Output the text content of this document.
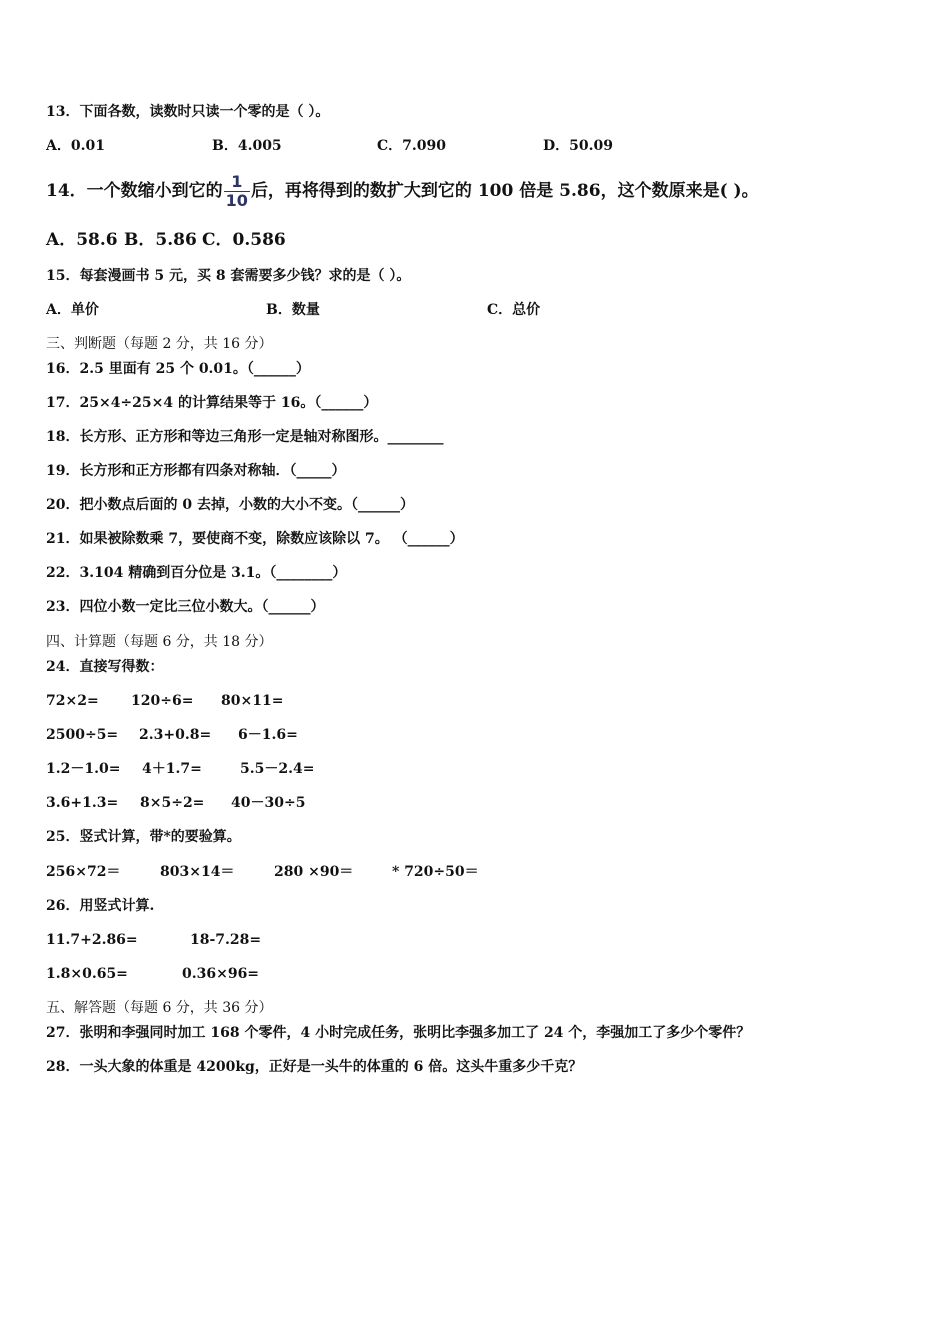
13．下面各数，读数时只读一个零的是（ ）。
A．0.01	B．4.005	C．7.090	D．50.09
14．一个数缩小到它的 $\frac{1}{10}$ 后，再将得到的数扩大到它的 100 倍是 5.86，这个数原来是( )。
A．58.6 B．5.86 C．0.586
15．每套漫画书 5 元，买 8 套需要多少钱？求的是（ ）。
A．单价	B．数量	C．总价
三、判断题（每题 2 分，共 16 分）
16．2.5 里面有 25 个 0.01。（______）
17．25×4÷25×4 的计算结果等于 16。（______）
18．长方形、正方形和等边三角形一定是轴对称图形。________
19．长方形和正方形都有四条对称轴．（_____）
20．把小数点后面的 0 去掉，小数的大小不变。（______）
21．如果被除数乘 7，要使商不变，除数应该除以 7。 （______）
22．3.104 精确到百分位是 3.1。（________）
23．四位小数一定比三位小数大。（______）
四、计算题（每题 6 分，共 18 分）
24．直接写得数：
72×2= 120÷6= 80×11=
2500÷5= 2.3+0.8= 6－1.6=
1.2－1.0= 4＋1.7=	5.5－2.4=
3.6+1.3= 8×5÷2= 40－30÷5
25．竖式计算，带*的要验算。
256×72＝	803×14＝	280 ×90＝	* 720÷50＝
26．用竖式计算.
11.7+2.86=	18-7.28=
1.8×0.65=	0.36×96=
五、解答题（每题 6 分，共 36 分）
27．张明和李强同时加工 168 个零件，4 小时完成任务，张明比李强多加工了 24 个，李强加工了多少个零件？
28．一头大象的体重是 4200kg，正好是一头牛的体重的 6 倍。这头牛重多少千克？
